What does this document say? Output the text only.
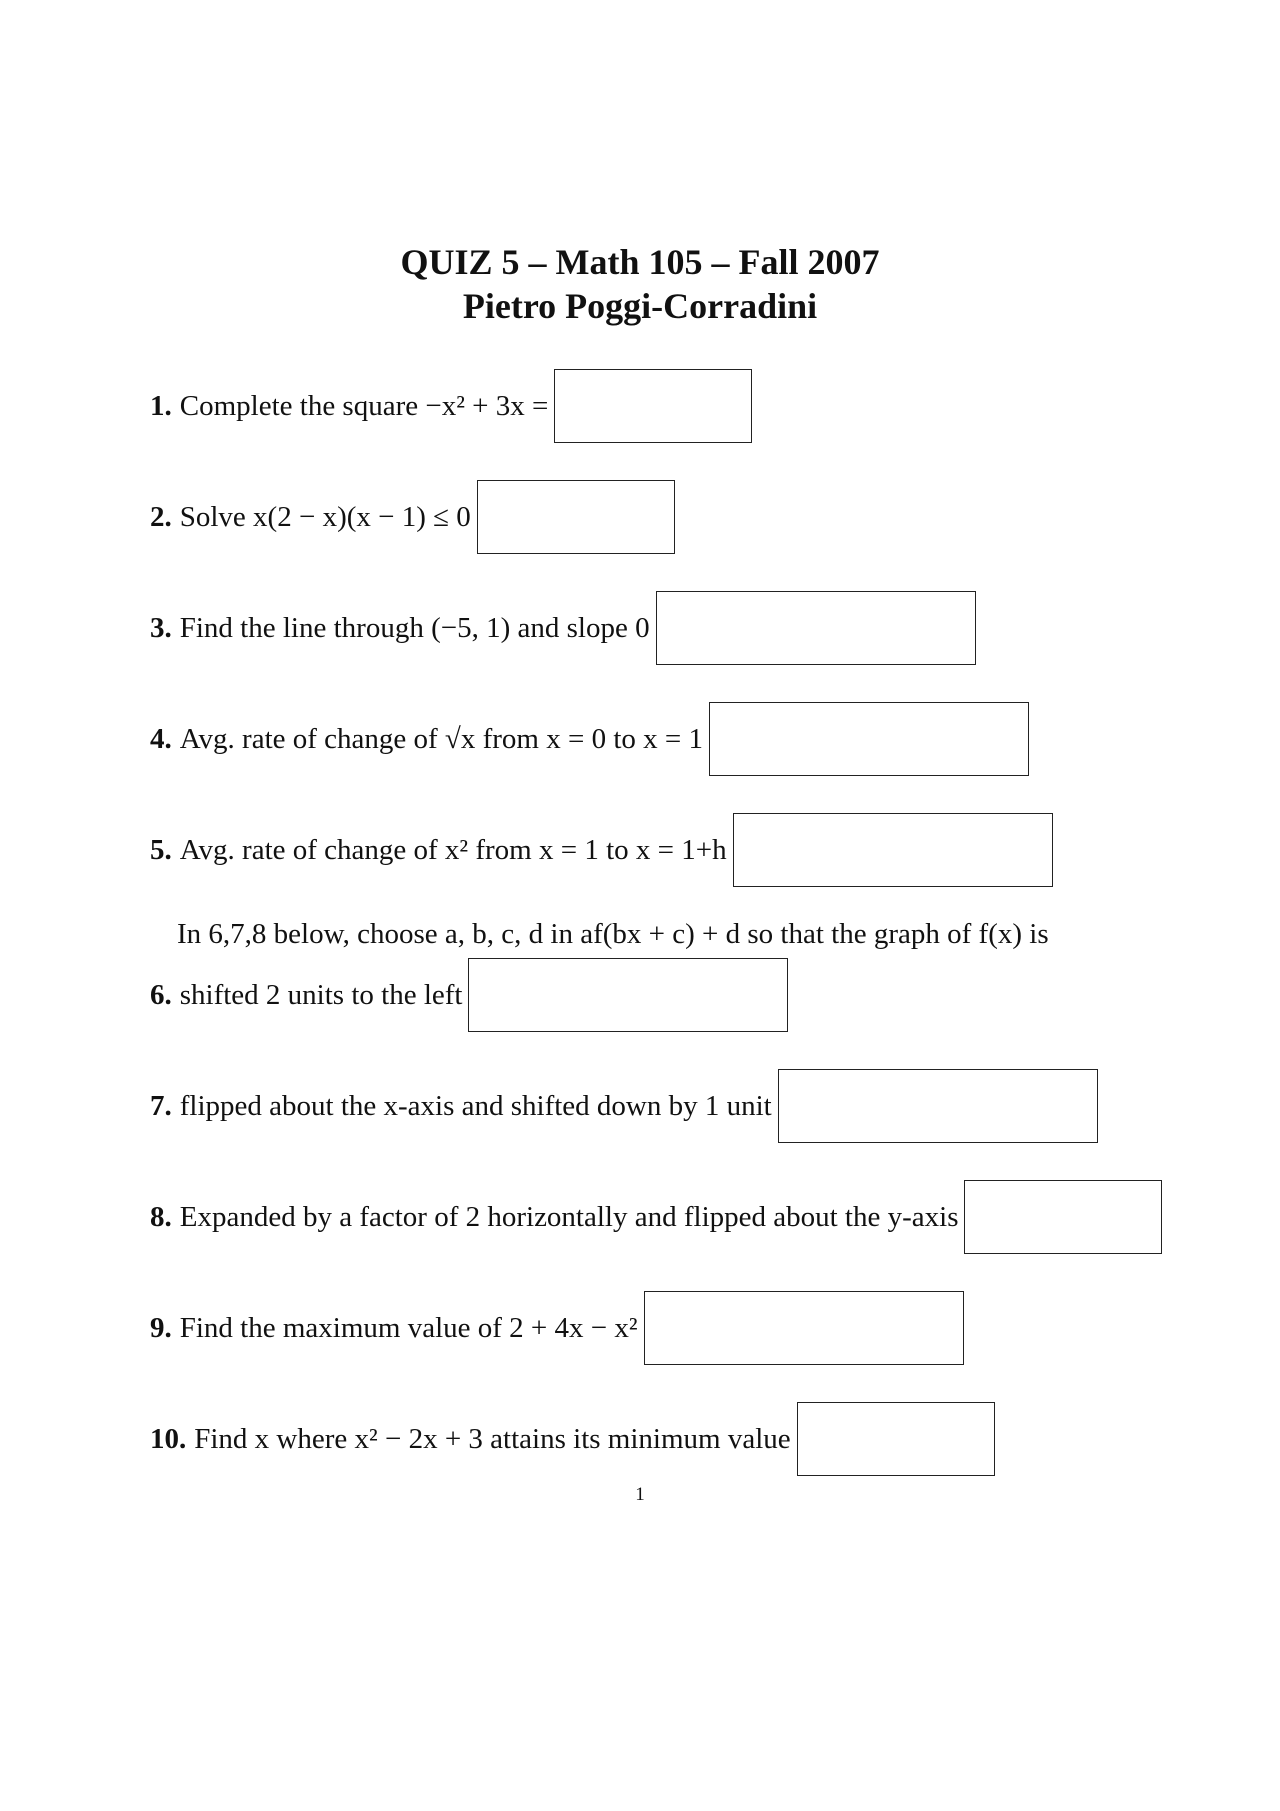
QUIZ 5 – Math 105 – Fall 2007
Pietro Poggi-Corradini
1. Complete the square −x² + 3x =
2. Solve x(2 − x)(x − 1) ≤ 0
3. Find the line through (−5, 1) and slope 0
4. Avg. rate of change of √x from x = 0 to x = 1
5. Avg. rate of change of x² from x = 1 to x = 1+h
In 6,7,8 below, choose a, b, c, d in af(bx + c) + d so that the graph of f(x) is
6. shifted 2 units to the left
7. flipped about the x-axis and shifted down by 1 unit
8. Expanded by a factor of 2 horizontally and flipped about the y-axis
9. Find the maximum value of 2 + 4x − x²
10. Find x where x² − 2x + 3 attains its minimum value
1
